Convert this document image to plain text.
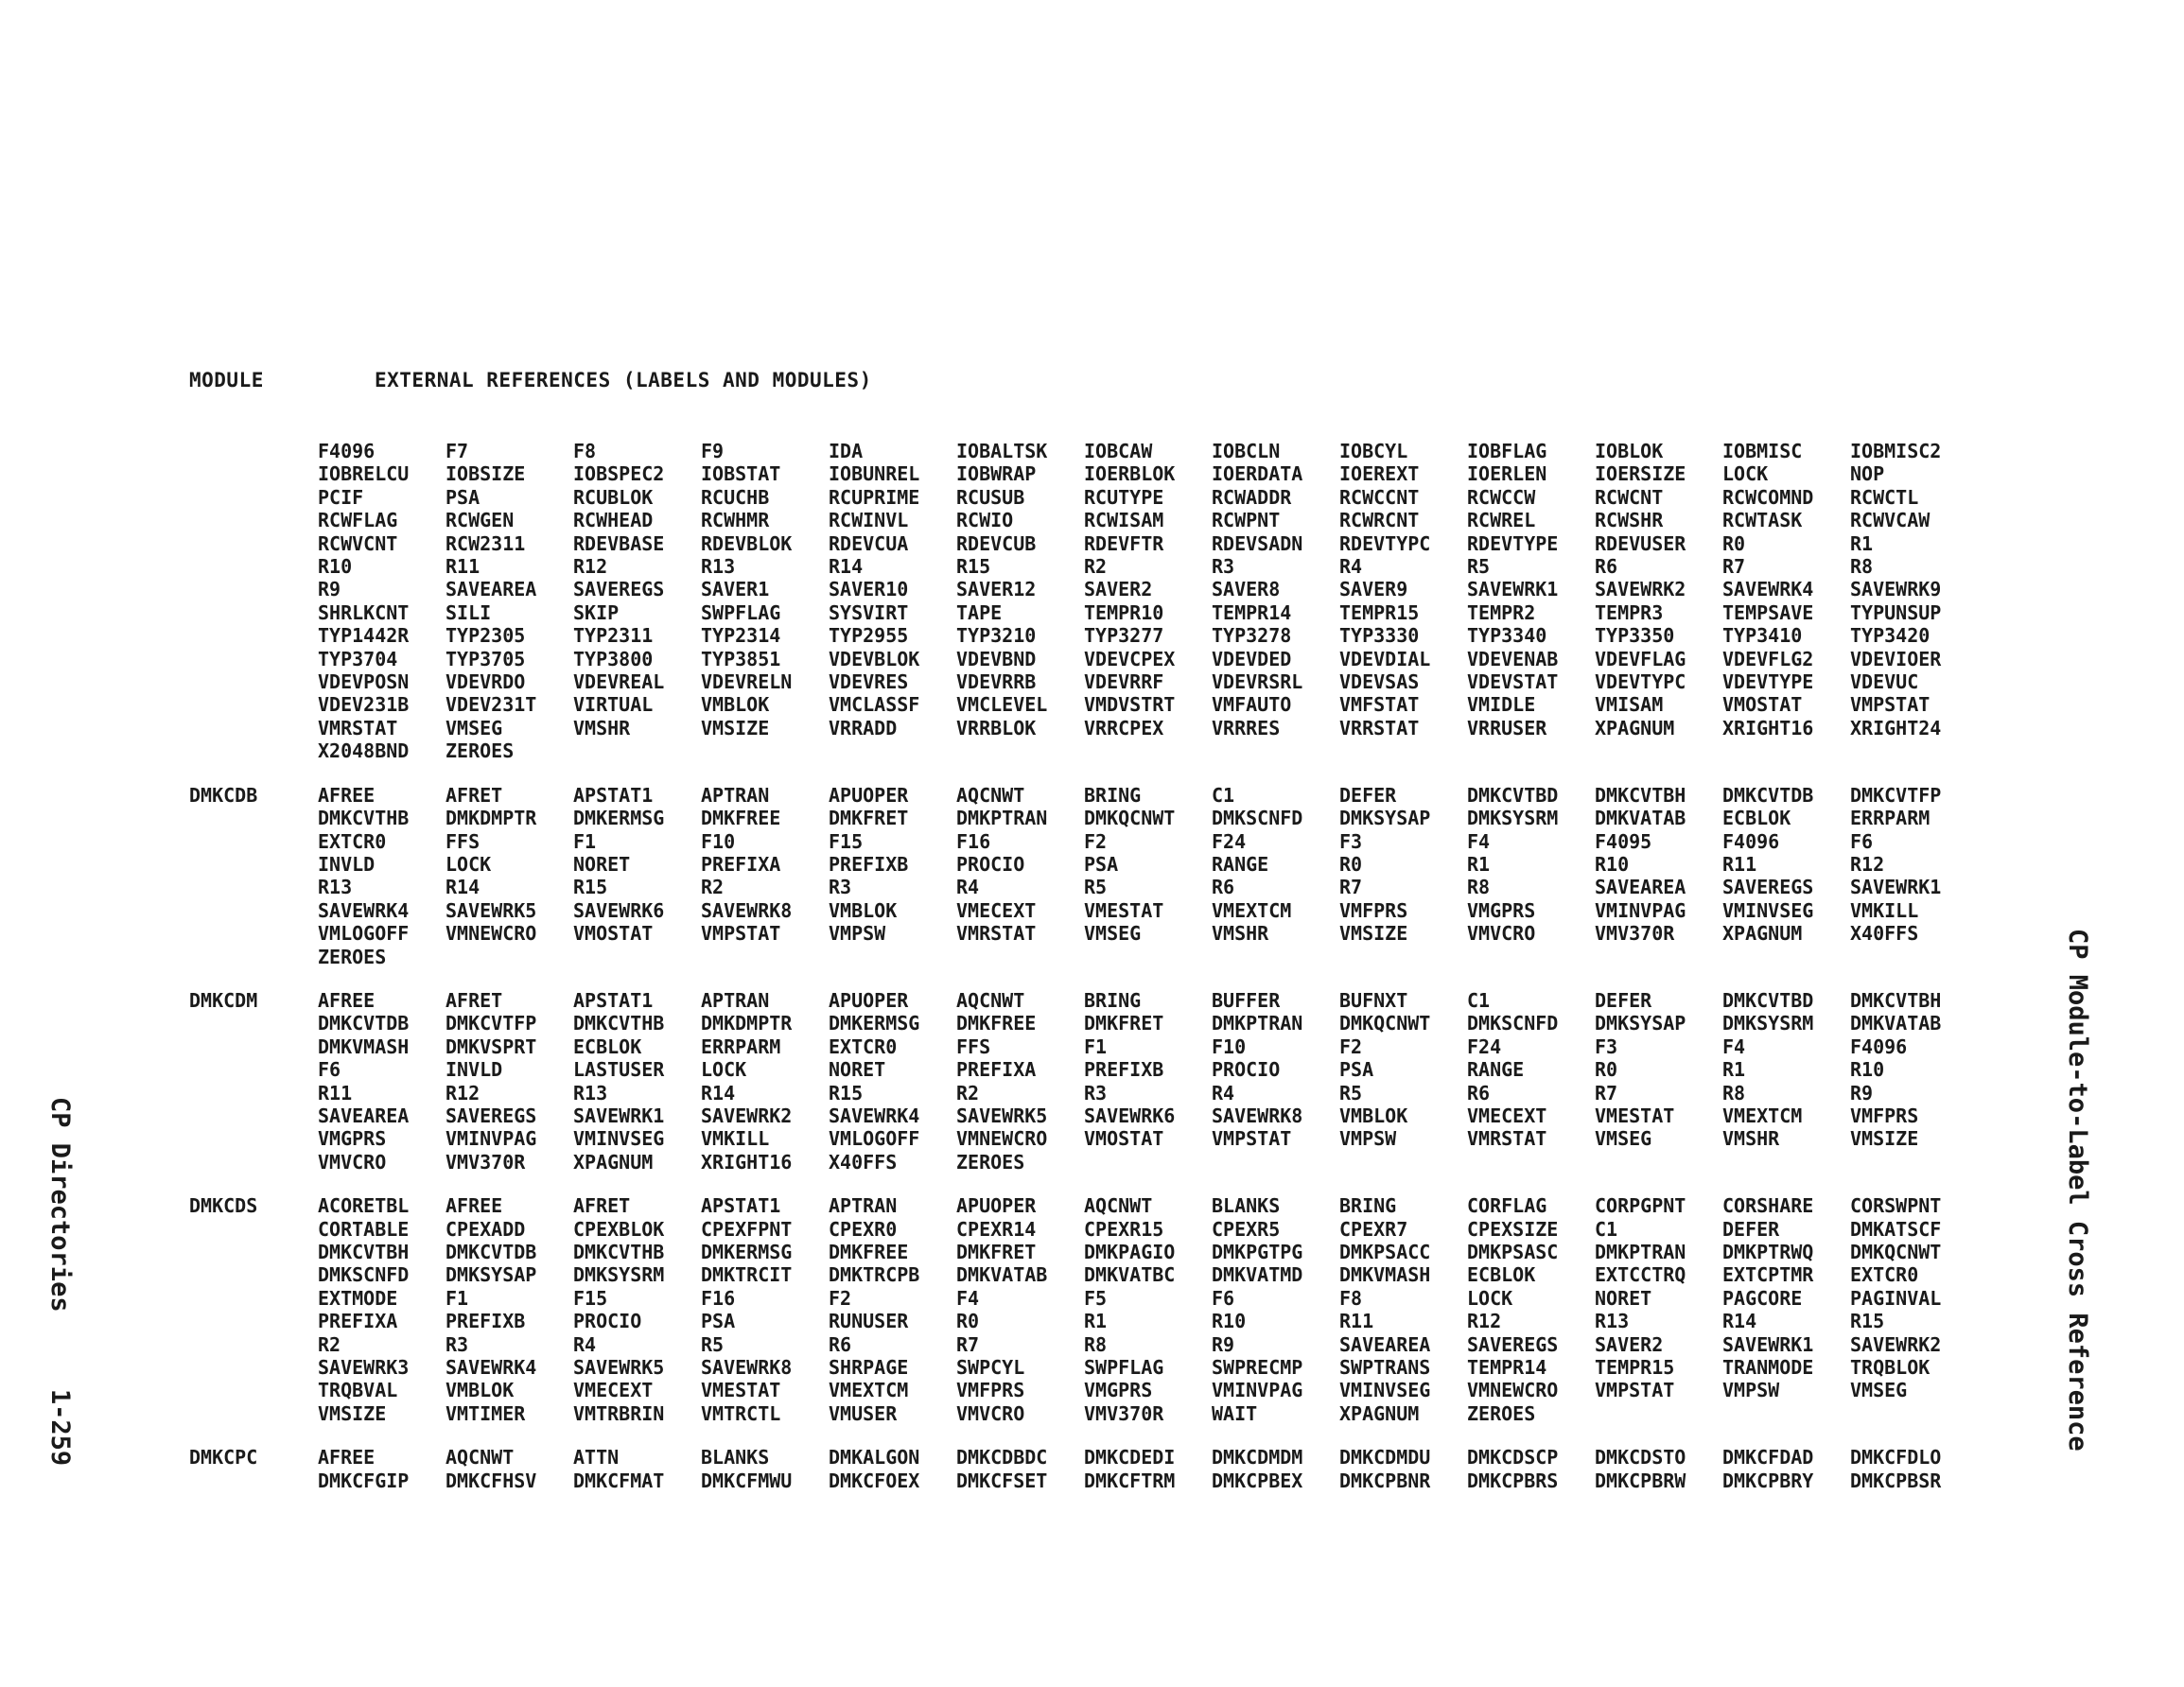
MODULE	EXTERNAL REFERENCES (LABELS AND MODULES)
F4096	F7	F8	F9	IDA	IOBALTSK	IOBCAW	IOBCLN	IOBCYL	IOBFLAG	IOBLOK	IOBMISC	IOBMISC2
IOBRELCU	IOBSIZE	IOBSPEC2	IOBSTAT	IOBUNREL	IOBWRAP	IOERBLOK	IOERDATA	IOEREXT	IOERLEN	IOERSIZE	LOCK	NOP
PCIF	PSA	RCUBLOK	RCUCHB	RCUPRIME	RCUSUB	RCUTYPE	RCWADDR	RCWCCNT	RCWCCW	RCWCNT	RCWCOMND	RCWCTL
RCWFLAG	RCWGEN	RCWHEAD	RCWHMR	RCWINVL	RCWIO	RCWISAM	RCWPNT	RCWRCNT	RCWREL	RCWSHR	RCWTASK	RCWVCAW
RCWVCNT	RCW2311	RDEVBASE	RDEVBLOK	RDEVCUA	RDEVCUB	RDEVFTR	RDEVSADN	RDEVTYPC	RDEVTYPE	RDEVUSER	R0	R1
R10	R11	R12	R13	R14	R15	R2	R3	R4	R5	R6	R7	R8
R9	SAVEAREA	SAVEREGS	SAVER1	SAVER10	SAVER12	SAVER2	SAVER8	SAVER9	SAVEWRK1	SAVEWRK2	SAVEWRK4	SAVEWRK9
SHRLKCNT	SILI	SKIP	SWPFLAG	SYSVIRT	TAPE	TEMPR10	TEMPR14	TEMPR15	TEMPR2	TEMPR3	TEMPSAVE	TYPUNSUP
TYP1442R	TYP2305	TYP2311	TYP2314	TYP2955	TYP3210	TYP3277	TYP3278	TYP3330	TYP3340	TYP3350	TYP3410	TYP3420
TYP3704	TYP3705	TYP3800	TYP3851	VDEVBLOK	VDEVBND	VDEVCPEX	VDEVDED	VDEVDIAL	VDEVENAB	VDEVFLAG	VDEVFLG2	VDEVIOER
VDEVPOSN	VDEVRDO	VDEVREAL	VDEVRELN	VDEVRES	VDEVRRB	VDEVRRF	VDEVRSRL	VDEVSAS	VDEVSTAT	VDEVTYPC	VDEVTYPE	VDEVUC
VDEV231B	VDEV231T	VIRTUAL	VMBLOK	VMCLASSF	VMCLEVEL	VMDVSTRT	VMFAUTO	VMFSTAT	VMIDLE	VMISAM	VMOSTAT	VMPSTAT
VMRSTAT	VMSEG	VMSHR	VMSIZE	VRRADD	VRRBLOK	VRRCPEX	VRRRES	VRRSTAT	VRRUSER	XPAGNUM	XRIGHT16	XRIGHT24
X2048BND	ZEROES
DMKCDB	AFREE	AFRET	APSTAT1	APTRAN	APUOPER	AQCNWT	BRING	C1	DEFER	DMKCVTBD	DMKCVTBH	DMKCVTDB	DMKCVTFP
DMKCVTHB	DMKDMPTR	DMKERMSG	DMKFREE	DMKFRET	DMKPTRAN	DMKQCNWT	DMKSCNFD	DMKSYSAP	DMKSYSRM	DMKVATAB	ECBLOK	ERRPARM
EXTCR0	FFS	F1	F10	F15	F16	F2	F24	F3	F4	F4095	F4096	F6
INVLD	LOCK	NORET	PREFIXA	PREFIXB	PROCIO	PSA	RANGE	R0	R1	R10	R11	R12
R13	R14	R15	R2	R3	R4	R5	R6	R7	R8	SAVEAREA	SAVEREGS	SAVEWRK1
SAVEWRK4	SAVEWRK5	SAVEWRK6	SAVEWRK8	VMBLOK	VMECEXT	VMESTAT	VMEXTCM	VMFPRS	VMGPRS	VMINVPAG	VMINVSEG	VMKILL
VMLOGOFF	VMNEWCRO	VMOSTAT	VMPSTAT	VMPSW	VMRSTAT	VMSEG	VMSHR	VMSIZE	VMVCRO	VMV370R	XPAGNUM	X40FFS
ZEROES
DMKCDM	AFREE	AFRET	APSTAT1	APTRAN	APUOPER	AQCNWT	BRING	BUFFER	BUFNXT	C1	DEFER	DMKCVTBD	DMKCVTBH
DMKCVTDB	DMKCVTFP	DMKCVTHB	DMKDMPTR	DMKERMSG	DMKFREE	DMKFRET	DMKPTRAN	DMKQCNWT	DMKSCNFD	DMKSYSAP	DMKSYSRM	DMKVATAB
DMKVMASH	DMKVSPRT	ECBLOK	ERRPARM	EXTCR0	FFS	F1	F10	F2	F24	F3	F4	F4096
F6	INVLD	LASTUSER	LOCK	NORET	PREFIXA	PREFIXB	PROCIO	PSA	RANGE	R0	R1	R10
R11	R12	R13	R14	R15	R2	R3	R4	R5	R6	R7	R8	R9
SAVEAREA	SAVEREGS	SAVEWRK1	SAVEWRK2	SAVEWRK4	SAVEWRK5	SAVEWRK6	SAVEWRK8	VMBLOK	VMECEXT	VMESTAT	VMEXTCM	VMFPRS
VMGPRS	VMINVPAG	VMINVSEG	VMKILL	VMLOGOFF	VMNEWCRO	VMOSTAT	VMPSTAT	VMPSW	VMRSTAT	VMSEG	VMSHR	VMSIZE
VMVCRO	VMV370R	XPAGNUM	XRIGHT16	X40FFS	ZEROES
DMKCDS	ACORETBL	AFREE	AFRET	APSTAT1	APTRAN	APUOPER	AQCNWT	BLANKS	BRING	CORFLAG	CORPGPNT	CORSHARE	CORSWPNT
CORTABLE	CPEXADD	CPEXBLOK	CPEXFPNT	CPEXR0	CPEXR14	CPEXR15	CPEXR5	CPEXR7	CPEXSIZE	C1	DEFER	DMKATSCF
DMKCVTBH	DMKCVTDB	DMKCVTHB	DMKERMSG	DMKFREE	DMKFRET	DMKPAGIO	DMKPGTPG	DMKPSACC	DMKPSASC	DMKPTRAN	DMKPTRWQ	DMKQCNWT
DMKSCNFD	DMKSYSAP	DMKSYSRM	DMKTRCIT	DMKTRCPB	DMKVATAB	DMKVATBC	DMKVATMD	DMKVMASH	ECBLOK	EXTCCTRQ	EXTCPTMR	EXTCR0
EXTMODE	F1	F15	F16	F2	F4	F5	F6	F8	LOCK	NORET	PAGCORE	PAGINVAL
PREFIXA	PREFIXB	PROCIO	PSA	RUNUSER	R0	R1	R10	R11	R12	R13	R14	R15
R2	R3	R4	R5	R6	R7	R8	R9	SAVEAREA	SAVEREGS	SAVER2	SAVEWRK1	SAVEWRK2
SAVEWRK3	SAVEWRK4	SAVEWRK5	SAVEWRK8	SHRPAGE	SWPCYL	SWPFLAG	SWPRECMP	SWPTRANS	TEMPR14	TEMPR15	TRANMODE	TRQBLOK
TRQBVAL	VMBLOK	VMECEXT	VMESTAT	VMEXTCM	VMFPRS	VMGPRS	VMINVPAG	VMINVSEG	VMNEWCRO	VMPSTAT	VMPSW	VMSEG
VMSIZE	VMTIMER	VMTRBRIN	VMTRCTL	VMUSER	VMVCRO	VMV370R	WAIT	XPAGNUM	ZEROES
DMKCPC	AFREE	AQCNWT	ATTN	BLANKS	DMKALGON	DMKCDBDC	DMKCDEDI	DMKCDMDM	DMKCDMDU	DMKCDSCP	DMKCDSTO	DMKCFDAD	DMKCFDLO
DMKCFGIP	DMKCFHSV	DMKCFMAT	DMKCFMWU	DMKCFOEX	DMKCFSET	DMKCFTRM	DMKCPBEX	DMKCPBNR	DMKCPBRS	DMKCPBRW	DMKCPBRY	DMKCPBSR
CP Directories     1-259	CP Module-to-Label Cross Reference
